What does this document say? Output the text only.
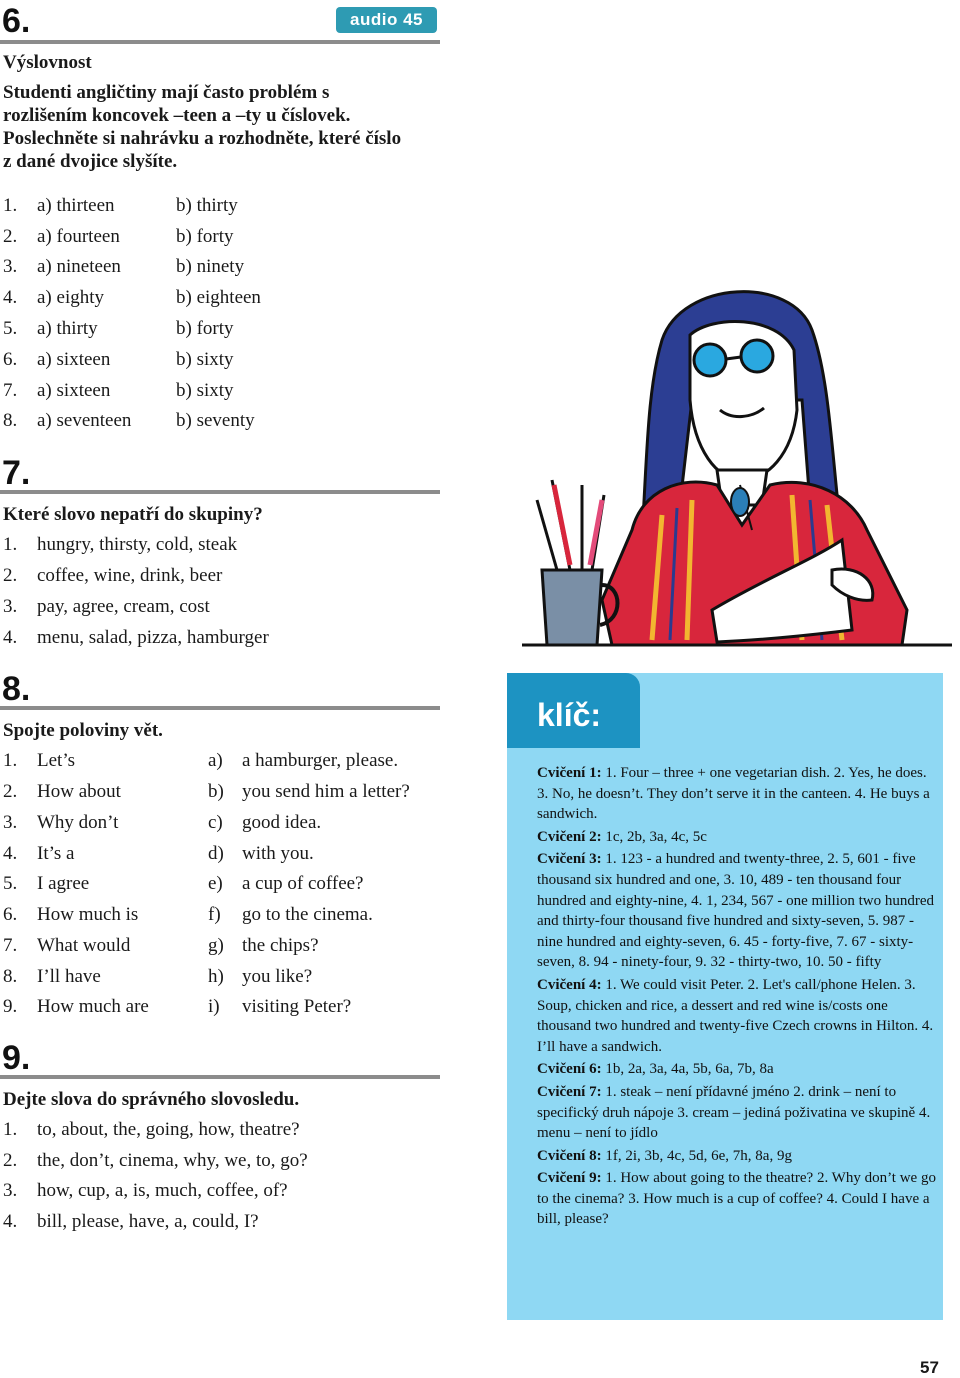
6.	audio 45
Výslovnost
Studenti angličtiny mají často problém s rozlišením koncovek –teen a –ty u číslovek. Poslechněte si nahrávku a rozhodněte, které číslo z dané dvojice slyšíte.
1. a) thirteen	b) thirty
2. a) fourteen	b) forty
3. a) nineteen	b) ninety
4. a) eighty	b) eighteen
5. a) thirty	b) forty
6. a) sixteen	b) sixty
7. a) sixteen	b) sixty
8. a) seventeen b) seventy
7.
Které slovo nepatří do skupiny?
1. hungry, thirsty, cold, steak
2. coffee, wine, drink, beer
3. pay, agree, cream, cost
4. menu, salad, pizza, hamburger
8.
Spojte poloviny vět.
1. Let’s	a) a hamburger, please.
2. How about	b) you send him a letter?
3. Why don’t	c) good idea.
4. It’s a	d) with you.
5. I agree	e) a cup of coffee?
6. How much is	f) go to the cinema.
7. What would	g) the chips?
8. I’ll have	h) you like?
9. How much are	i) visiting Peter?
9.
Dejte slova do správného slovosledu.
1. to, about, the, going, how, theatre?
2. the, don’t, cinema, why, we, to, go?
3. how, cup, a, is, much, coffee, of?
4. bill, please, have, a, could, I?
klíč:

Cvičení 1: 1. Four – three + one vegetarian dish. 2. Yes, he does. 3. No, he doesn’t. They don’t serve it in the canteen. 4. He buys a sandwich.

Cvičení 2: 1c, 2b, 3a, 4c, 5c

Cvičení 3: 1. 123 - a hundred and twenty-three, 2. 5, 601 - five thousand six hundred and one, 3. 10, 489 - ten thousand four hundred and eighty-nine, 4. 1, 234, 567 - one million two hundred and thirty-four thousand five hundred and sixty-seven, 5. 987 - nine hundred and eighty-seven, 6. 45 - forty-five, 7. 67 - sixty-seven, 8. 94 - ninety-four, 9. 32 - thirty-two, 10. 50 - fifty

Cvičení 4: 1. We could visit Peter. 2. Let's call/phone Helen. 3. Soup, chicken and rice, a dessert and red wine is/costs one thousand two hundred and twenty-five Czech crowns in Hilton. 4. I’ll have a sandwich.

Cvičení 6: 1b, 2a, 3a, 4a, 5b, 6a, 7b, 8a

Cvičení 7: 1. steak – není přídavné jméno 2. drink – není to specifický druh nápoje 3. cream – jediná poživatina ve skupině 4. menu – není to jídlo

Cvičení 8: 1f, 2i, 3b, 4c, 5d, 6e, 7h, 8a, 9g

Cvičení 9: 1. How about going to the theatre? 2. Why don’t we go to the cinema? 3. How much is a cup of coffee? 4. Could I have a bill, please?

57
